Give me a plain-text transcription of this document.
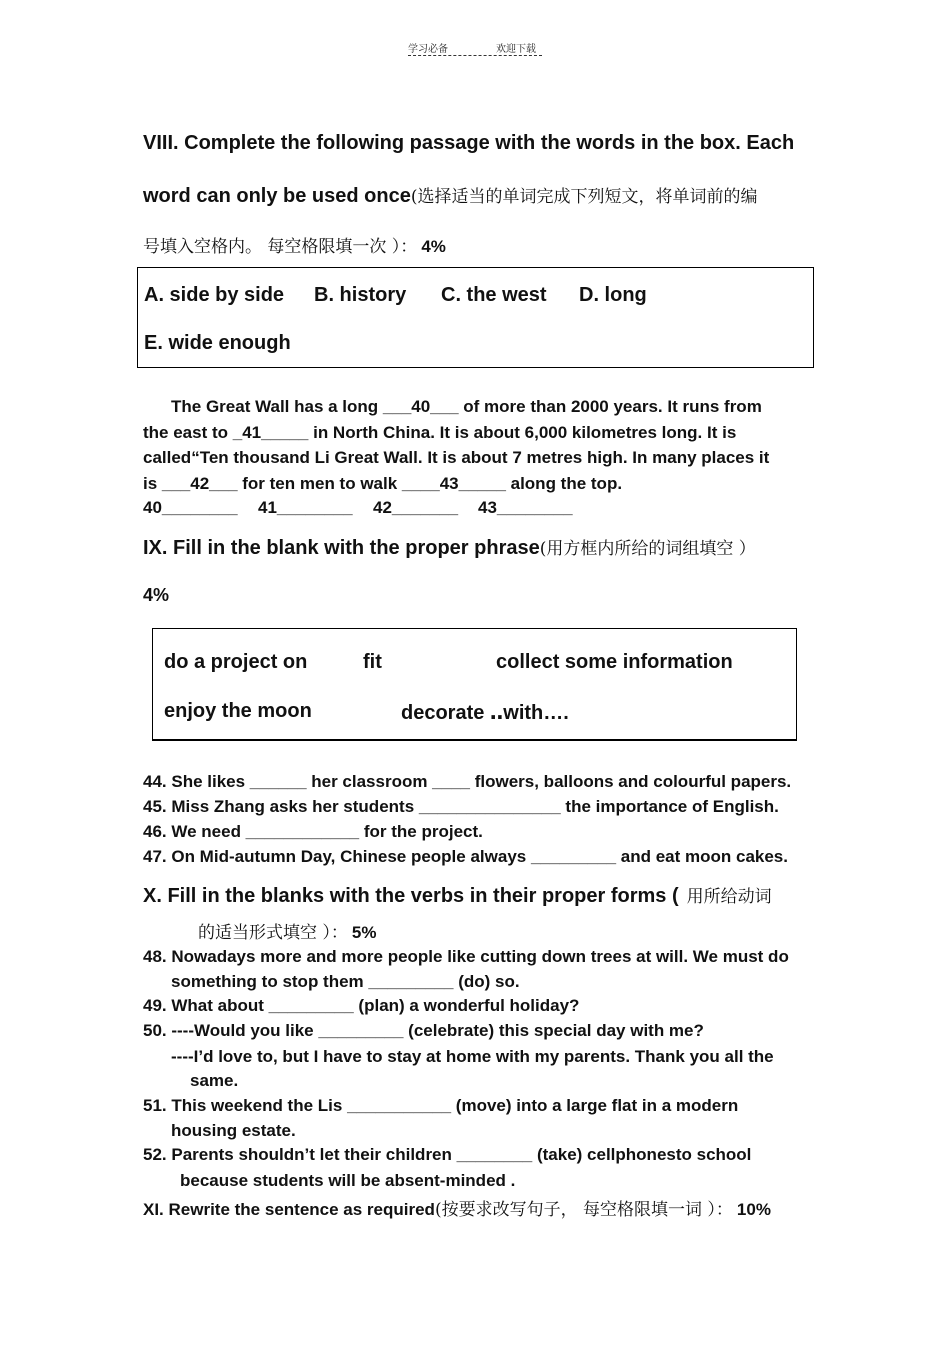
学习必备	欢迎下载
VIII. Complete the following passage with the words in the box. Each
word can only be used once(选择适当的单词完成下列短文，将单词前的编
号填入空格内。 每空格限填一次 ）： 4%
A. side by side B. history C. the west D. long
E. wide enough
The Great Wall has a long ___40___ of more than 2000 years. It runs from
the east to _41_____ in North China. It is about 6,000 kilometres long. It is
called“Ten thousand Li Great Wall. It is about 7 metres high. In many places it
is ___42___ for ten men to walk ____43_____ along the top.
40________ 41________ 42_______ 43________
IX. Fill in the blank with the proper phrase(用方框内所给的词组填空 ）
4%
do a project on	fit	collect some information
enjoy the moon	decorate ‥with….
44. She likes ______ her classroom ____ flowers, balloons and colourful papers.
45. Miss Zhang asks her students _______________ the importance of English.
46. We need ____________ for the project.
47. On Mid-autumn Day, Chinese people always _________ and eat moon cakes.
X. Fill in the blanks with the verbs in their proper forms ( 用所给动词
的适当形式填空 ）： 5%
48. Nowadays more and more people like cutting down trees at will. We must do
something to stop them _________ (do) so.
49. What about _________ (plan) a wonderful holiday?
50. ----Would you like _________ (celebrate) this special day with me?
----I’d love to, but I have to stay at home with my parents. Thank you all the
same.
51. This weekend the Lis ___________ (move) into a large flat in a modern
housing estate.
52. Parents shouldn’t let their children ________ (take) cellphonesto school
because students will be absent-minded .
XI. Rewrite the sentence as required(按要求改写句子， 每空格限填一词 ）： 10%
